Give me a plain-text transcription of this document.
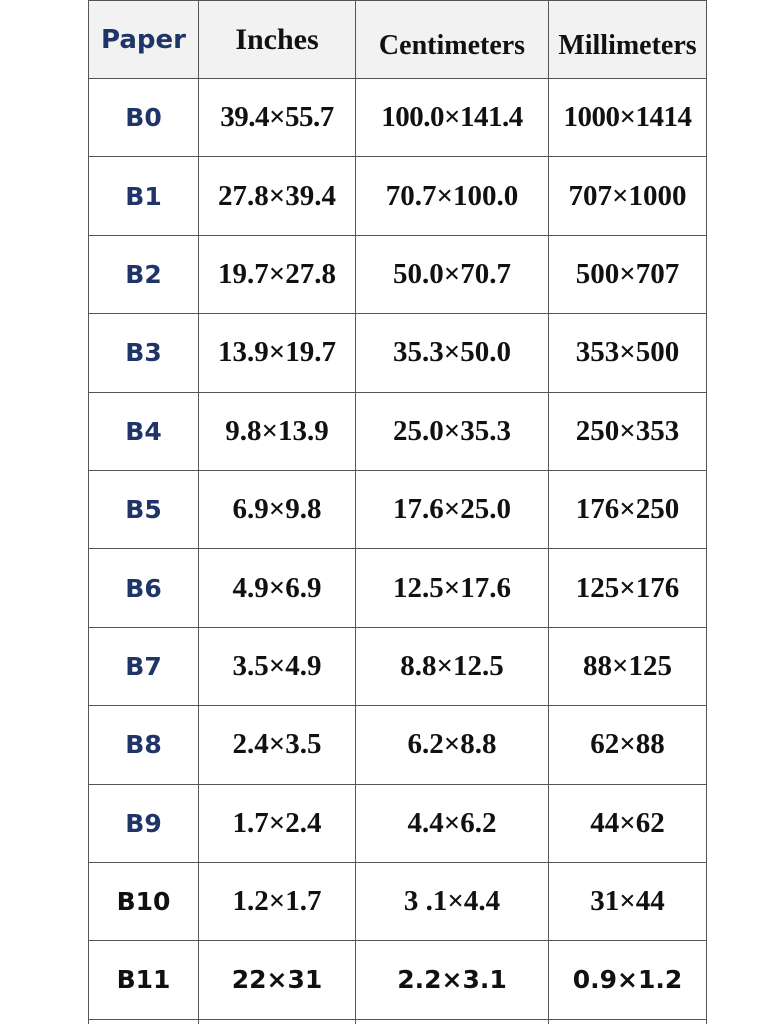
Paper	Inches	Centimeters	Millimeters
B0	39.4×55.7	100.0×141.4	1000×1414
B1	27.8×39.4	70.7×100.0	707×1000
B2	19.7×27.8	50.0×70.7	500×707
B3	13.9×19.7	35.3×50.0	353×500
B4	9.8×13.9	25.0×35.3	250×353
B5	6.9×9.8	17.6×25.0	176×250
B6	4.9×6.9	12.5×17.6	125×176
B7	3.5×4.9	8.8×12.5	88×125
B8	2.4×3.5	6.2×8.8	62×88
B9	1.7×2.4	4.4×6.2	44×62
B10	1.2×1.7	3 .1×4.4	31×44
B11	22×31	2.2×3.1	0.9×1.2
